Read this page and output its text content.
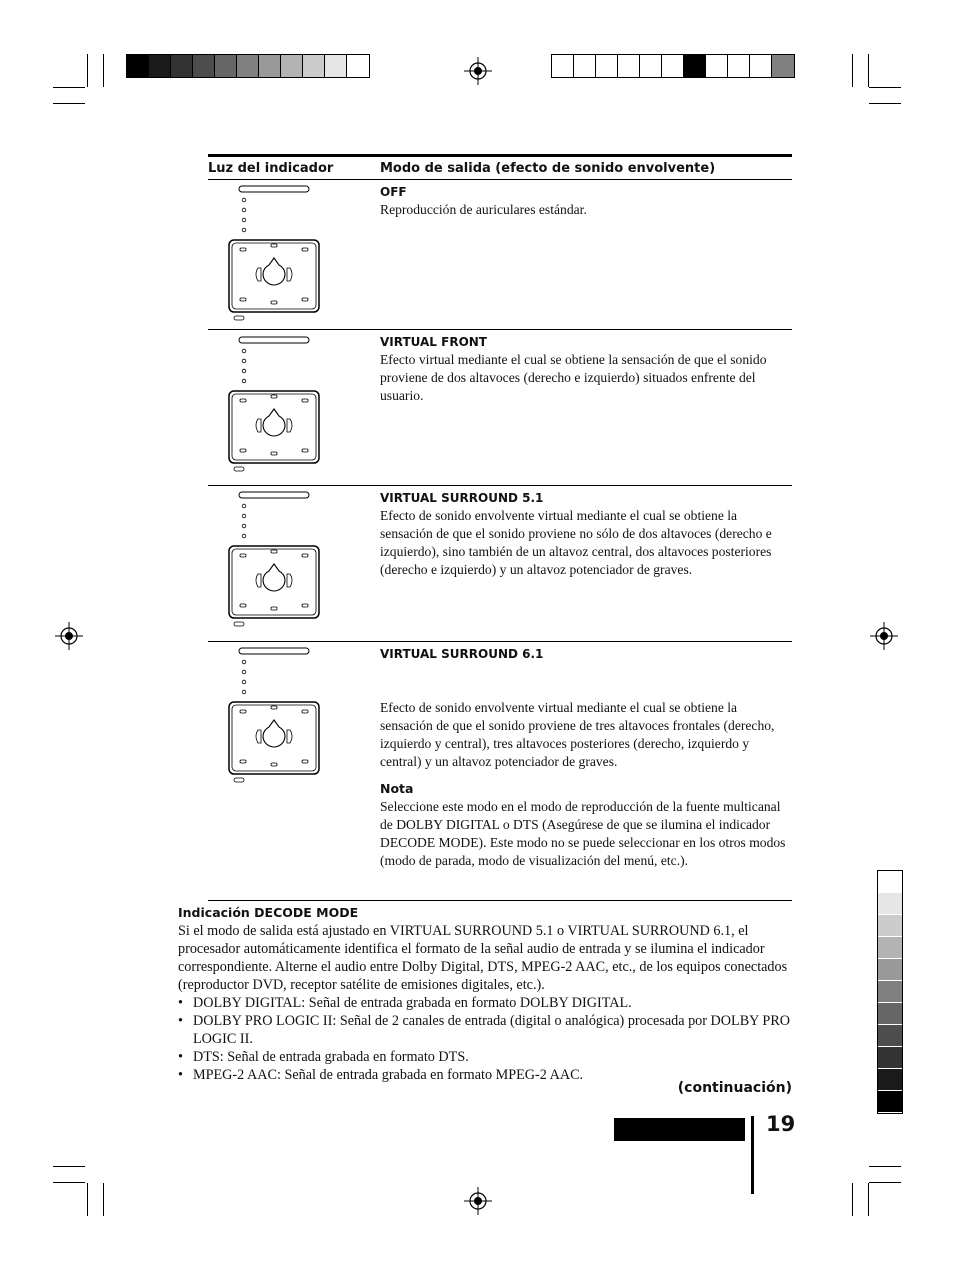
Luz del indicador	Modo de salida (efecto de sonido envolvente)
OFF
Reproducción de auriculares estándar.
VIRTUAL FRONT
Efecto virtual mediante el cual se obtiene la sensación de que el sonido proviene de dos altavoces (derecho e izquierdo) situados enfrente del usuario.
VIRTUAL SURROUND 5.1
Efecto de sonido envolvente virtual mediante el cual se obtiene la sensación de que el sonido proviene no sólo de dos altavoces (derecho e izquierdo), sino también de un altavoz central, dos altavoces posteriores (derecho e izquierdo) y un altavoz potenciador de graves.
VIRTUAL SURROUND 6.1
Efecto de sonido envolvente virtual mediante el cual se obtiene la sensación de que el sonido proviene de tres altavoces frontales (derecho, izquierdo y central), tres altavoces posteriores (derecho, izquierdo y central) y un altavoz potenciador de graves.
Nota
Seleccione este modo en el modo de reproducción de la fuente multicanal de DOLBY DIGITAL o DTS (Asegúrese de que se ilumina el indicador DECODE MODE). Este modo no se puede seleccionar en los otros modos (modo de parada, modo de visualización del menú, etc.).
Indicación DECODE MODE
Si el modo de salida está ajustado en VIRTUAL SURROUND 5.1 o VIRTUAL SURROUND 6.1, el procesador automáticamente identifica el formato de la señal audio de entrada y se ilumina el indicador correspondiente. Alterne el audio entre Dolby Digital, DTS, MPEG-2 AAC, etc., de los equipos conectados (reproductor DVD, receptor satélite de emisiones digitales, etc.).
• DOLBY DIGITAL: Señal de entrada grabada en formato DOLBY DIGITAL.
• DOLBY PRO LOGIC II: Señal de 2 canales de entrada (digital o analógica) procesada por DOLBY PRO LOGIC II.
• DTS: Señal de entrada grabada en formato DTS.
• MPEG-2 AAC: Señal de entrada grabada en formato MPEG-2 AAC.
(continuación)
19
